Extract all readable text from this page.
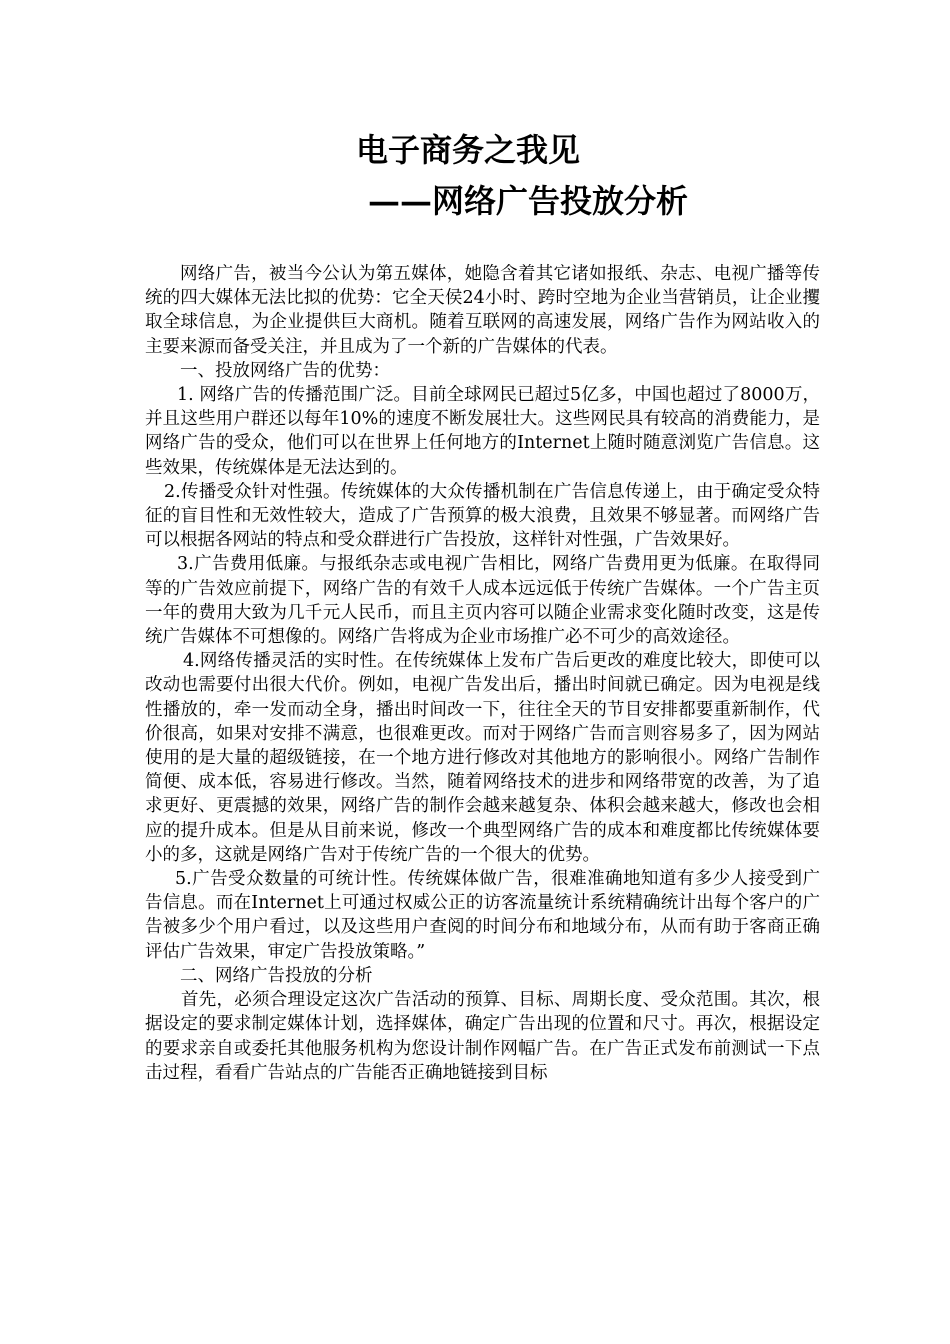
电子商务之我见
——网络广告投放分析

网络广告，被当今公认为第五媒体，她隐含着其它诸如报纸、杂志、电视广播等传统的四大媒体无法比拟的优势：它全天侯24小时、跨时空地为企业当营销员，让企业攫取全球信息，为企业提供巨大商机。随着互联网的高速发展，网络广告作为网站收入的主要来源而备受关注，并且成为了一个新的广告媒体的代表。

一、投放网络广告的优势：

1. 网络广告的传播范围广泛。目前全球网民已超过5亿多，中国也超过了8000万，并且这些用户群还以每年10%的速度不断发展壮大。这些网民具有较高的消费能力，是网络广告的受众，他们可以在世界上任何地方的Internet上随时随意浏览广告信息。这些效果，传统媒体是无法达到的。

2.传播受众针对性强。传统媒体的大众传播机制在广告信息传递上，由于确定受众特征的盲目性和无效性较大，造成了广告预算的极大浪费，且效果不够显著。而网络广告可以根据各网站的特点和受众群进行广告投放，这样针对性强，广告效果好。

3.广告费用低廉。与报纸杂志或电视广告相比，网络广告费用更为低廉。在取得同等的广告效应前提下，网络广告的有效千人成本远远低于传统广告媒体。一个广告主页一年的费用大致为几千元人民币，而且主页内容可以随企业需求变化随时改变，这是传统广告媒体不可想像的。网络广告将成为企业市场推广必不可少的高效途径。

4.网络传播灵活的实时性。在传统媒体上发布广告后更改的难度比较大，即使可以改动也需要付出很大代价。例如，电视广告发出后，播出时间就已确定。因为电视是线性播放的，牵一发而动全身，播出时间改一下，往往全天的节目安排都要重新制作，代价很高，如果对安排不满意，也很难更改。而对于网络广告而言则容易多了，因为网站使用的是大量的超级链接，在一个地方进行修改对其他地方的影响很小。网络广告制作简便、成本低，容易进行修改。当然，随着网络技术的进步和网络带宽的改善，为了追求更好、更震撼的效果，网络广告的制作会越来越复杂、体积会越来越大，修改也会相应的提升成本。但是从目前来说，修改一个典型网络广告的成本和难度都比传统媒体要小的多，这就是网络广告对于传统广告的一个很大的优势。

5.广告受众数量的可统计性。传统媒体做广告，很难准确地知道有多少人接受到广告信息。而在Internet上可通过权威公正的访客流量统计系统精确统计出每个客户的广告被多少个用户看过，以及这些用户查阅的时间分布和地域分布，从而有助于客商正确评估广告效果，审定广告投放策略。”

二、网络广告投放的分析

首先，必须合理设定这次广告活动的预算、目标、周期长度、受众范围。其次，根据设定的要求制定媒体计划，选择媒体，确定广告出现的位置和尺寸。再次，根据设定的要求亲自或委托其他服务机构为您设计制作网幅广告。在广告正式发布前测试一下点击过程，看看广告站点的广告能否正确地链接到目标
